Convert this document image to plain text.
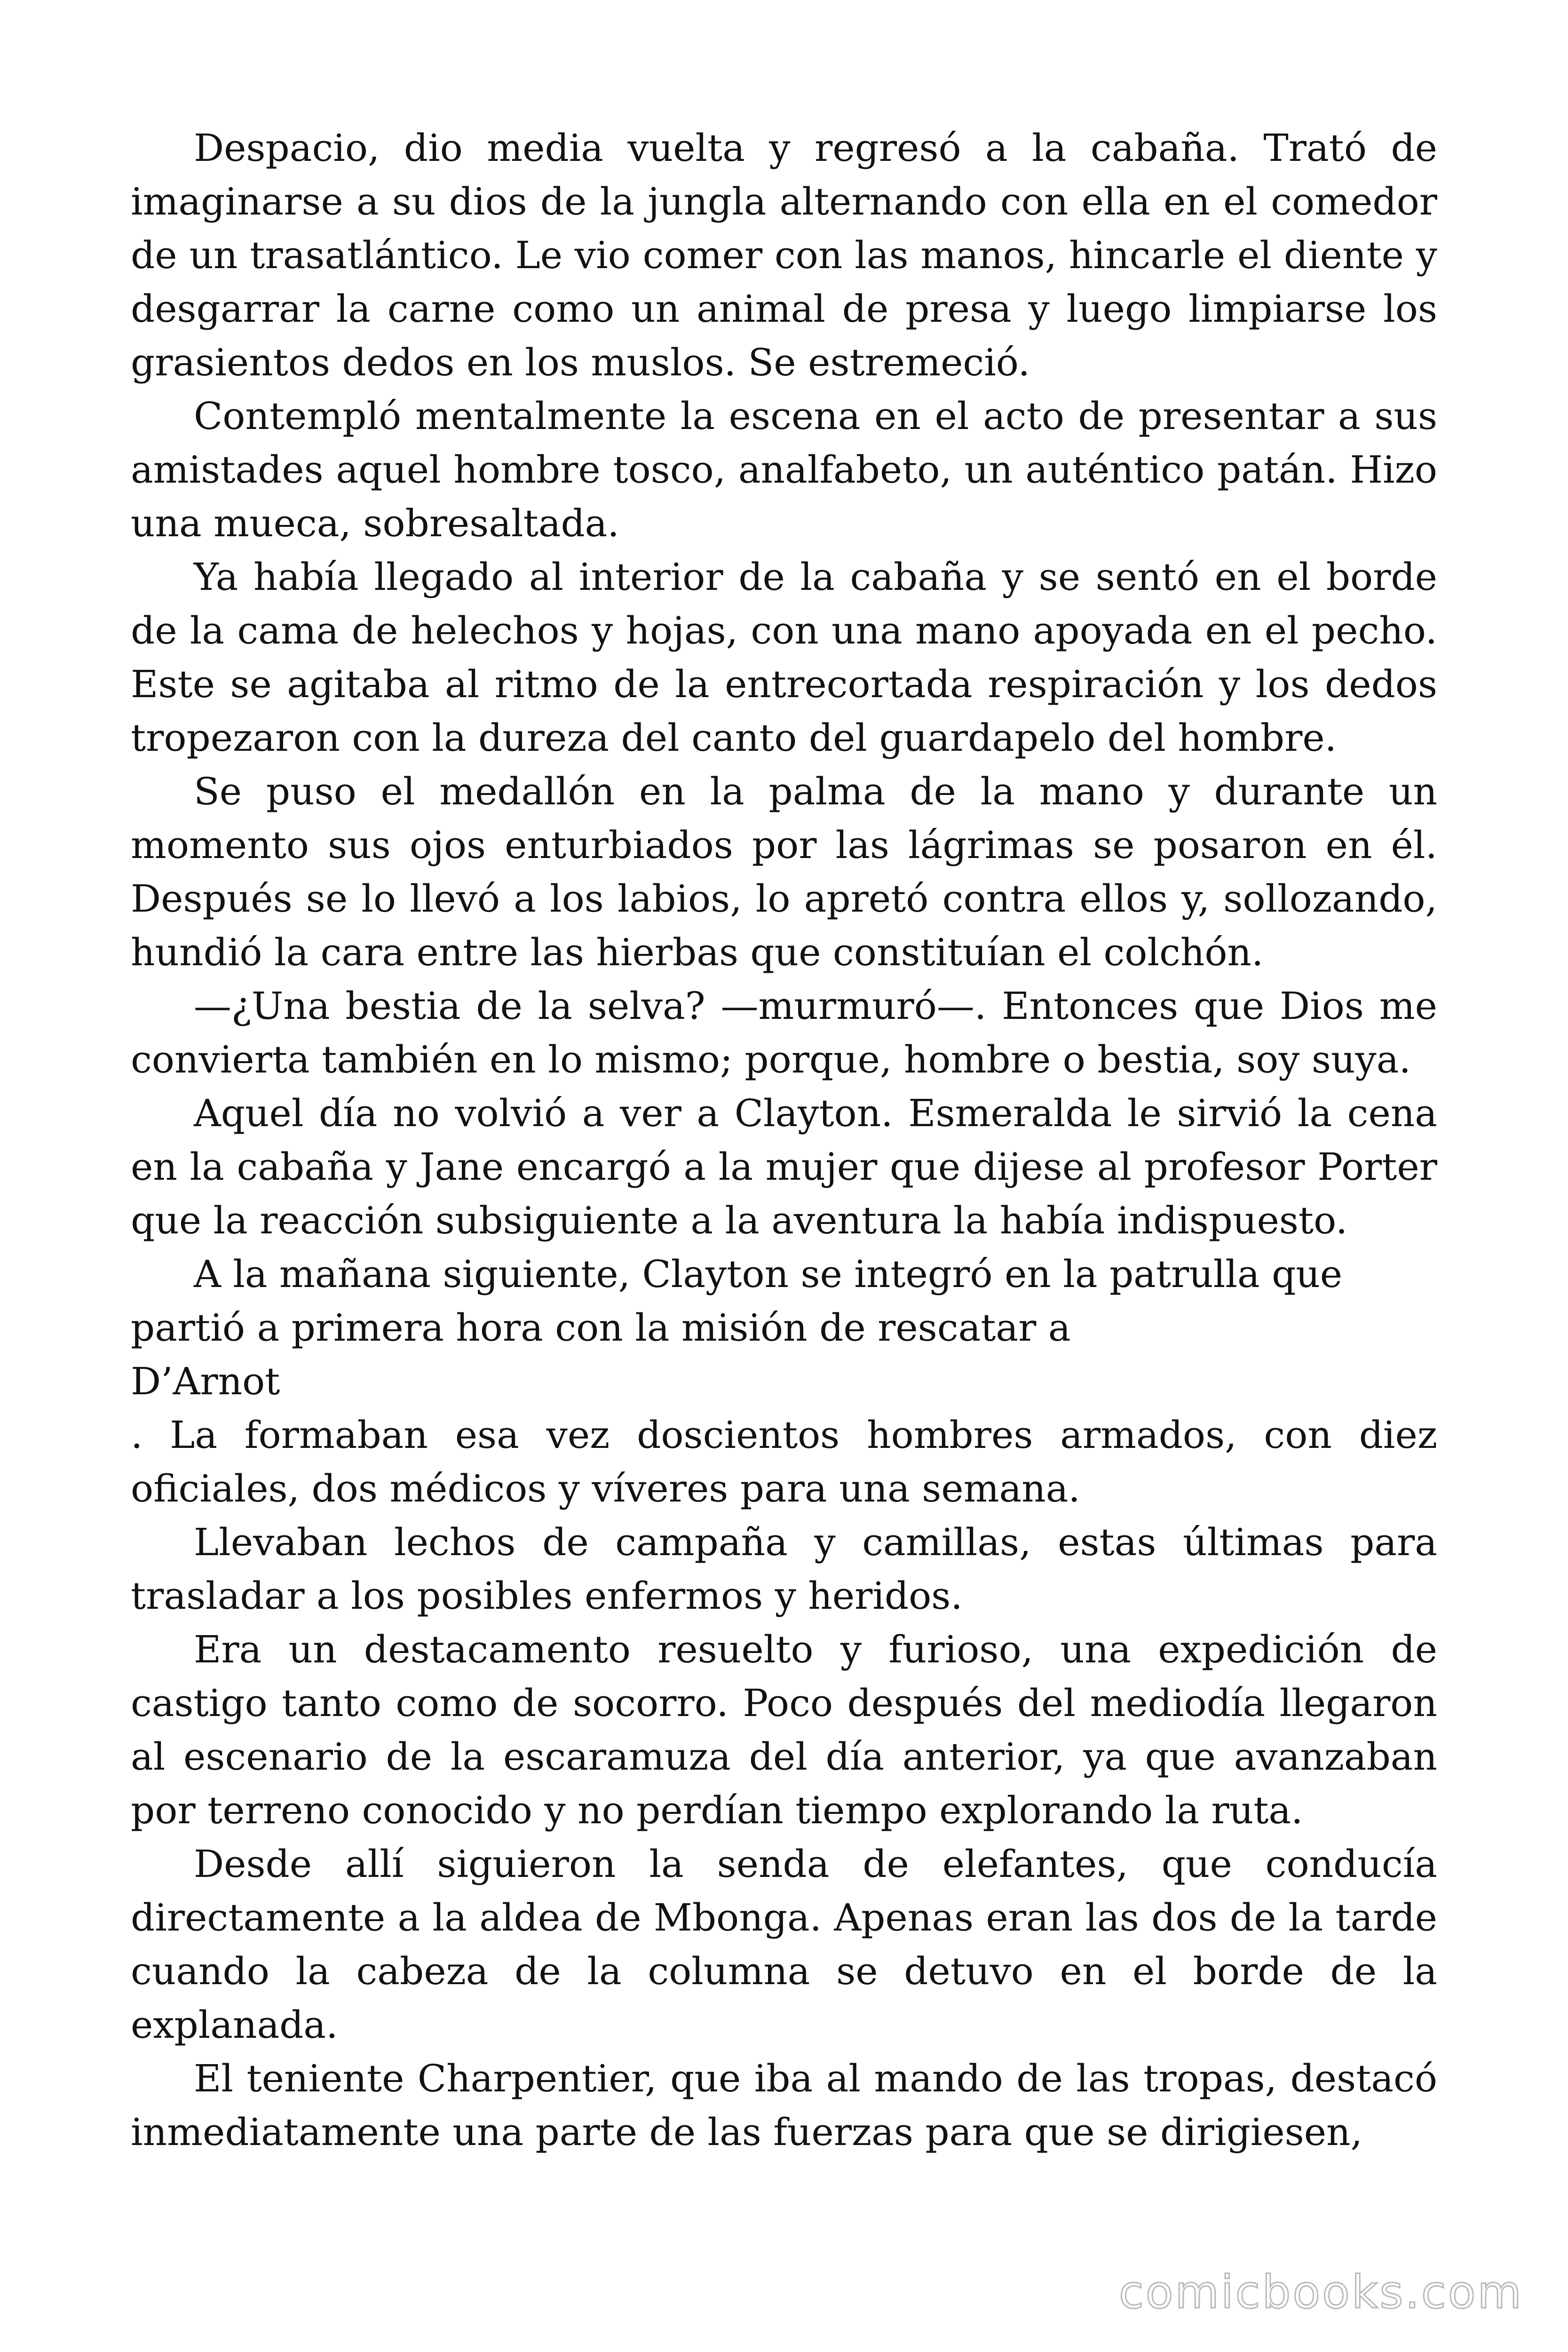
Despacio, dio media vuelta y regresó a la cabaña. Trató de imaginarse a su dios de la jungla alternando con ella en el comedor de un trasatlántico. Le vio comer con las manos, hincarle el diente y desgarrar la carne como un animal de presa y luego limpiarse los grasientos dedos en los muslos. Se estremeció.

Contempló mentalmente la escena en el acto de presentar a sus amistades aquel hombre tosco, analfabeto, un auténtico patán. Hizo una mueca, sobresaltada.

Ya había llegado al interior de la cabaña y se sentó en el borde de la cama de helechos y hojas, con una mano apoyada en el pecho. Este se agitaba al ritmo de la entrecortada respiración y los dedos tropezaron con la dureza del canto del guardapelo del hombre.

Se puso el medallón en la palma de la mano y durante un momento sus ojos enturbiados por las lágrimas se posaron en él. Después se lo llevó a los labios, lo apretó contra ellos y, sollozando, hundió la cara entre las hierbas que constituían el colchón.

—¿Una bestia de la selva? —murmuró—. Entonces que Dios me convierta también en lo mismo; porque, hombre o bestia, soy suya.

Aquel día no volvió a ver a Clayton. Esmeralda le sirvió la cena en la cabaña y Jane encargó a la mujer que dijese al profesor Porter que la reacción subsiguiente a la aventura la había indispuesto.

A la mañana siguiente, Clayton se integró en la patrulla que partió a primera hora con la misión de rescatar a

D’Arnot

. La formaban esa vez doscientos hombres armados, con diez oficiales, dos médicos y víveres para una semana.

Llevaban lechos de campaña y camillas, estas últimas para trasladar a los posibles enfermos y heridos.

Era un destacamento resuelto y furioso, una expedición de castigo tanto como de socorro. Poco después del mediodía llegaron al escenario de la escaramuza del día anterior, ya que avanzaban por terreno conocido y no perdían tiempo explorando la ruta.

Desde allí siguieron la senda de elefantes, que conducía directamente a la aldea de Mbonga. Apenas eran las dos de la tarde cuando la cabeza de la columna se detuvo en el borde de la explanada.

El teniente Charpentier, que iba al mando de las tropas, destacó inmediatamente una parte de las fuerzas para que se dirigiesen,

comicbooks.com
